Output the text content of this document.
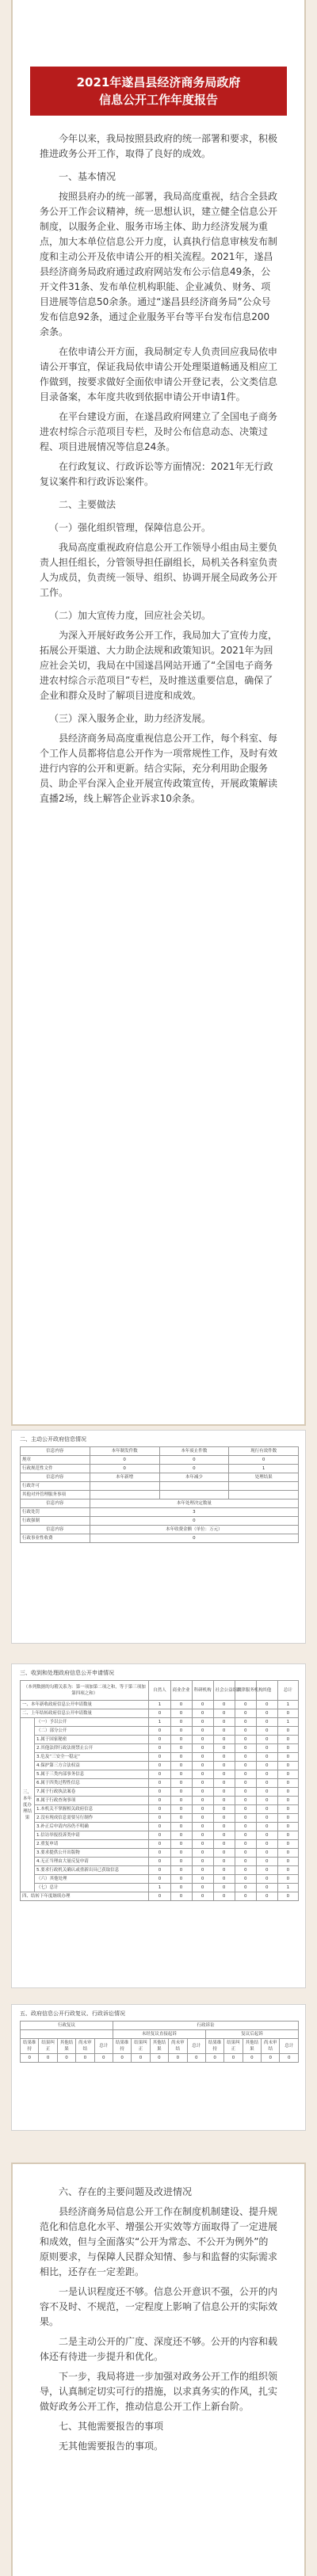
2021年遂昌县经济商务局政府
信息公开工作年度报告

今年以来，我局按照县政府的统一部署和要求，积极推进政务公开工作，取得了良好的成效。

一、基本情况

按照县府办的统一部署，我局高度重视，结合全县政务公开工作会议精神，统一思想认识，建立健全信息公开制度，以服务企业、服务市场主体、助力经济发展为重点，加大本单位信息公开力度，认真执行信息审核发布制度和主动公开及依申请公开的相关流程。2021年，遂昌县经济商务局政府通过政府网站发布公示信息49条，公开文件31条、发布单位机构职能、企业减负、财务、项目进展等信息50余条。通过“遂昌县经济商务局”公众号发布信息92条，通过企业服务平台等平台发布信息200余条。

在依申请公开方面，我局制定专人负责回应我局依申请公开事宜，保证我局依申请公开处理渠道畅通及相应工作做到，按要求做好全面依申请公开登记表，公文类信息目录备案，本年度共收到依据申请公开申请1件。

在平台建设方面，在遂昌政府网建立了全国电子商务进农村综合示范项目专栏，及时公布信息动态、决策过程、项目进展情况等信息24条。

在行政复议、行政诉讼等方面情况：2021年无行政复议案件和行政诉讼案件。

二、主要做法

（一）强化组织管理，保障信息公开。

我局高度重视政府信息公开工作领导小组由局主要负责人担任组长，分管领导担任副组长，局机关各科室负责人为成员，负责统一领导、组织、协调开展全局政务公开工作。

（二）加大宣传力度，回应社会关切。

为深入开展好政务公开工作，我局加大了宣传力度，拓展公开渠道、大力助企法规和政策知识。2021年为回应社会关切，我局在中国遂昌网站开通了“全国电子商务进农村综合示范项目”专栏，及时推送重要信息，确保了企业和群众及时了解项目进度和成效。

（三）深入服务企业，助力经济发展。

县经济商务局高度重视信息公开工作，每个科室、每个工作人员都将信息公开作为一项常规性工作，及时有效进行内容的公开和更新。结合实际，充分利用助企服务员、助企平台深入企业开展宣传政策宣传，开展政策解读直播2场，线上解答企业诉求10余条。

二、主动公开政府信息情况
信息内容	本年制发件数	本年废止件数	现行有效件数
规章	0	0	0
行政规范性文件	0	0	1
信息内容	本年新增	本年减少	处理结果
行政许可			
其他对外管理服务事项			
信息内容	本年处理决定数量		
行政处罚	3		
行政强制	0		
信息内容	本年收费金额（单位：万元）		
行政事业性收费	0		
三、收到和处理政府信息公开申请情况
（本列数据的勾稽关系为：第一项加第二项之和，等于第三项加第四项之和）		自然人	商业企业	科研机构	社会公益组织	法律服务机构	其他	总计
一、本年新收政府信息公开申请数量		1	0	0	0	0	0	1
二、上年结转政府信息公开申请数量		0	0	0	0	0	0	0
三、本年度办理结果	（一）予以公开	1	0	0	0	0	0	1
	（二）部分公开	0	0	0	0	0	0	0
	1.属于国家秘密	0	0	0	0	0	0	0
	2.其他法律行政法规禁止公开	0	0	0	0	0	0	0
	3.危及“三安全一稳定”	0	0	0	0	0	0	0
	4.保护第三方合法权益	0	0	0	0	0	0	0
	5.属于三类内部事务信息	0	0	0	0	0	0	0
	6.属于四类过程性信息	0	0	0	0	0	0	0
	7.属于行政执法案卷	0	0	0	0	0	0	0
	8.属于行政查询事项	0	0	0	0	0	0	0
	1.本机关不掌握相关政府信息	0	0	0	0	0	0	0
	2.没有现成信息需要另行制作	0	0	0	0	0	0	0
	3.补正后申请内容仍不明确	0	0	0	0	0	0	0
	1.信访举报投诉类申请	0	0	0	0	0	0	0
	2.重复申请	0	0	0	0	0	0	0
	3.要求提供公开出版物	0	0	0	0	0	0	0
	4.无正当理由大量反复申请	0	0	0	0	0	0	0
	5.要求行政机关确认或重新出具已获取信息	0	0	0	0	0	0	0
	（六）其他处理	0	0	0	0	0	0	0
	（七）总计	1	0	0	0	0	0	1
四、结转下年度继续办理		0	0	0	0	0	0	0
五、政府信息公开行政复议、行政诉讼情况
行政复议					行政诉讼									
					未经复议直接起诉					复议后起诉				
结果维持	结果纠正	其他结果	尚未审结	总计	结果维持	结果纠正	其他结果	尚未审结	总计	结果维持	结果纠正	其他结果	尚未审结	总计
0	0	0	0	0	0	0	0	0	0	0	0	0	0	0

六、存在的主要问题及改进情况

县经济商务局信息公开工作在制度机制建设、提升规范化和信息化水平、增强公开实效等方面取得了一定进展和成效，但与全面落实“公开为常态、不公开为例外”的原则要求，与保障人民群众知情、参与和监督的实际需求相比，还存在一定差距。

一是认识程度还不够。信息公开意识不强，公开的内容不及时、不规范，一定程度上影响了信息公开的实际效果。

二是主动公开的广度、深度还不够。公开的内容和载体还有待进一步提升和优化。

下一步，我局将进一步加强对政务公开工作的组织领导，认真制定切实可行的措施，以求真务实的作风，扎实做好政务公开工作，推动信息公开工作上新台阶。

七、其他需要报告的事项

无其他需要报告的事项。
